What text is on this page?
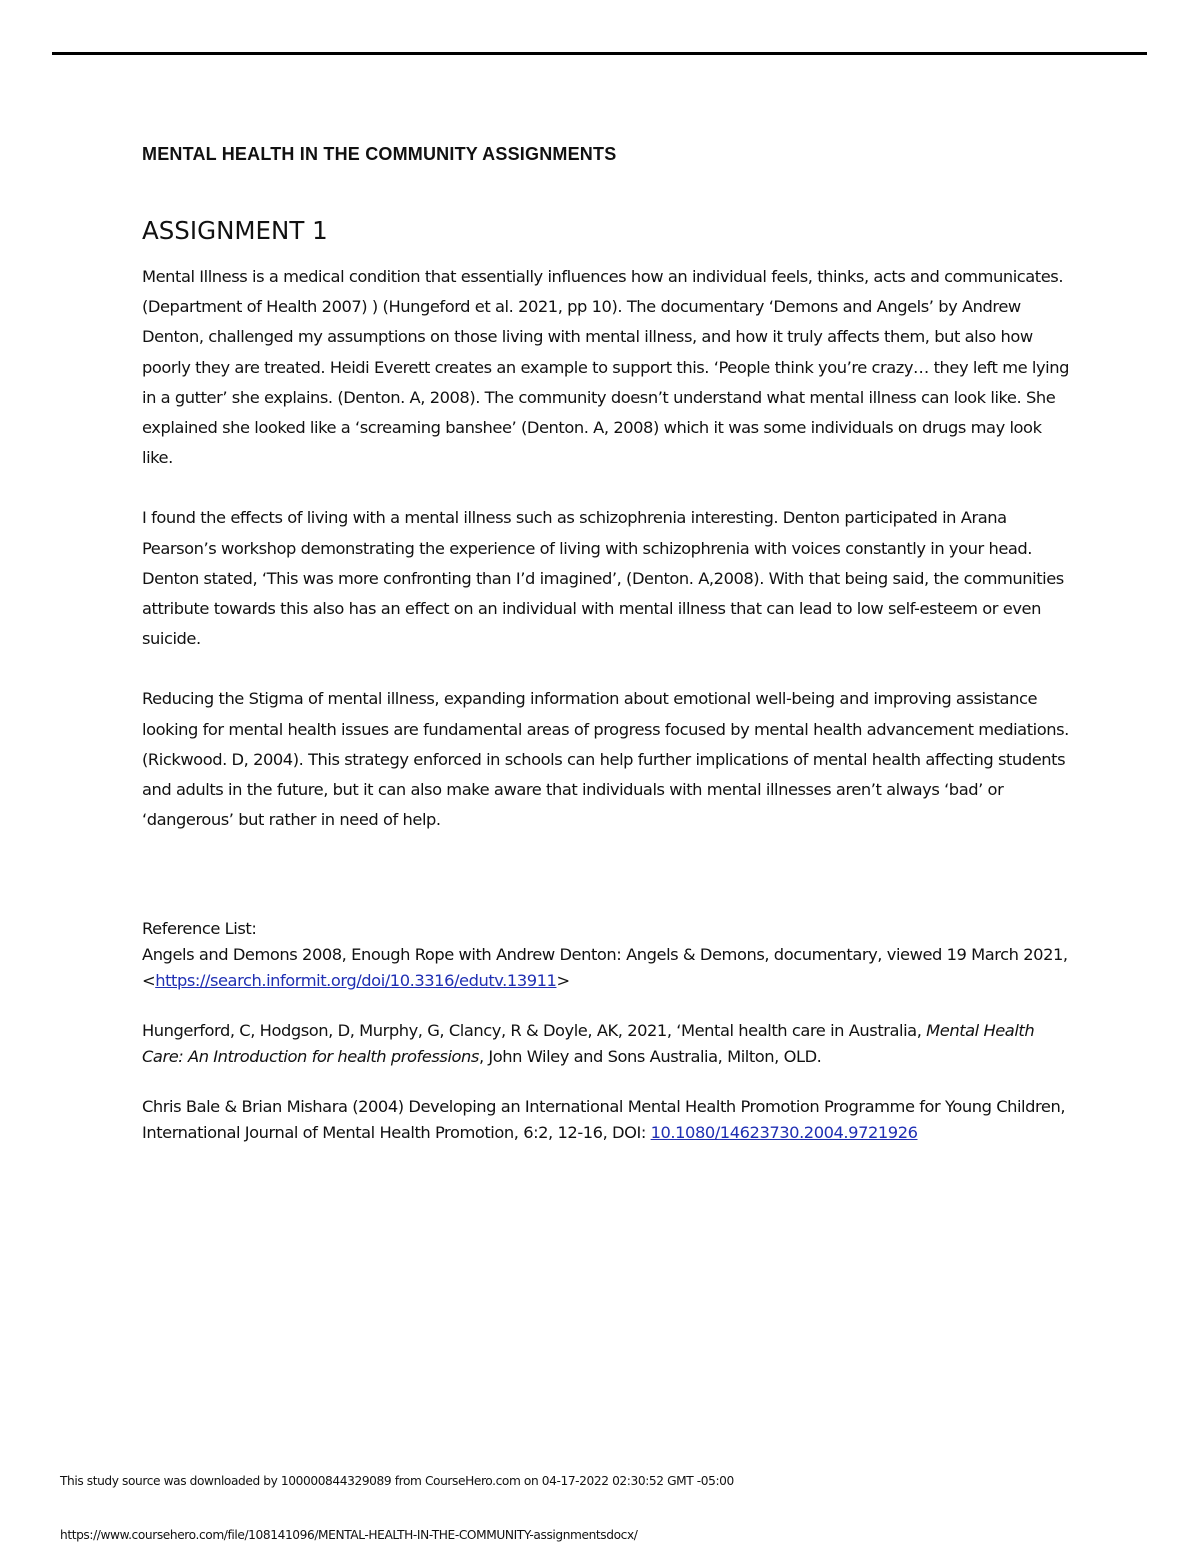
MENTAL HEALTH IN THE COMMUNITY ASSIGNMENTS
ASSIGNMENT 1

Mental Illness is a medical condition that essentially influences how an individual feels, thinks, acts and communicates. (Department of Health 2007) ) (Hungeford et al. 2021, pp 10). The documentary ‘Demons and Angels’ by Andrew Denton, challenged my assumptions on those living with mental illness, and how it truly affects them, but also how poorly they are treated. Heidi Everett creates an example to support this. ‘People think you’re crazy… they left me lying in a gutter’ she explains. (Denton. A, 2008). The community doesn’t understand what mental illness can look like. She explained she looked like a ‘screaming banshee’ (Denton. A, 2008) which it was some individuals on drugs may look like.

I found the effects of living with a mental illness such as schizophrenia interesting. Denton participated in Arana Pearson’s workshop demonstrating the experience of living with schizophrenia with voices constantly in your head. Denton stated, ‘This was more confronting than I’d imagined’, (Denton. A,2008). With that being said, the communities attribute towards this also has an effect on an individual with mental illness that can lead to low self-esteem or even suicide.

Reducing the Stigma of mental illness, expanding information about emotional well-being and improving assistance looking for mental health issues are fundamental areas of progress focused by mental health advancement mediations. (Rickwood. D, 2004). This strategy enforced in schools can help further implications of mental health affecting students and adults in the future, but it can also make aware that individuals with mental illnesses aren’t always ‘bad’ or ‘dangerous’ but rather in need of help.

Reference List:

Angels and Demons 2008, Enough Rope with Andrew Denton: Angels & Demons, documentary, viewed 19 March 2021, <https://search.informit.org/doi/10.3316/edutv.13911>

Hungerford, C, Hodgson, D, Murphy, G, Clancy, R & Doyle, AK, 2021, ‘Mental health care in Australia, Mental Health Care: An Introduction for health professions, John Wiley and Sons Australia, Milton, OLD.

Chris Bale & Brian Mishara (2004) Developing an International Mental Health Promotion Programme for Young Children, International Journal of Mental Health Promotion, 6:2, 12-16, DOI: 10.1080/14623730.2004.9721926

This study source was downloaded by 100000844329089 from CourseHero.com on 04-17-2022 02:30:52 GMT -05:00
https://www.coursehero.com/file/108141096/MENTAL-HEALTH-IN-THE-COMMUNITY-assignmentsdocx/
